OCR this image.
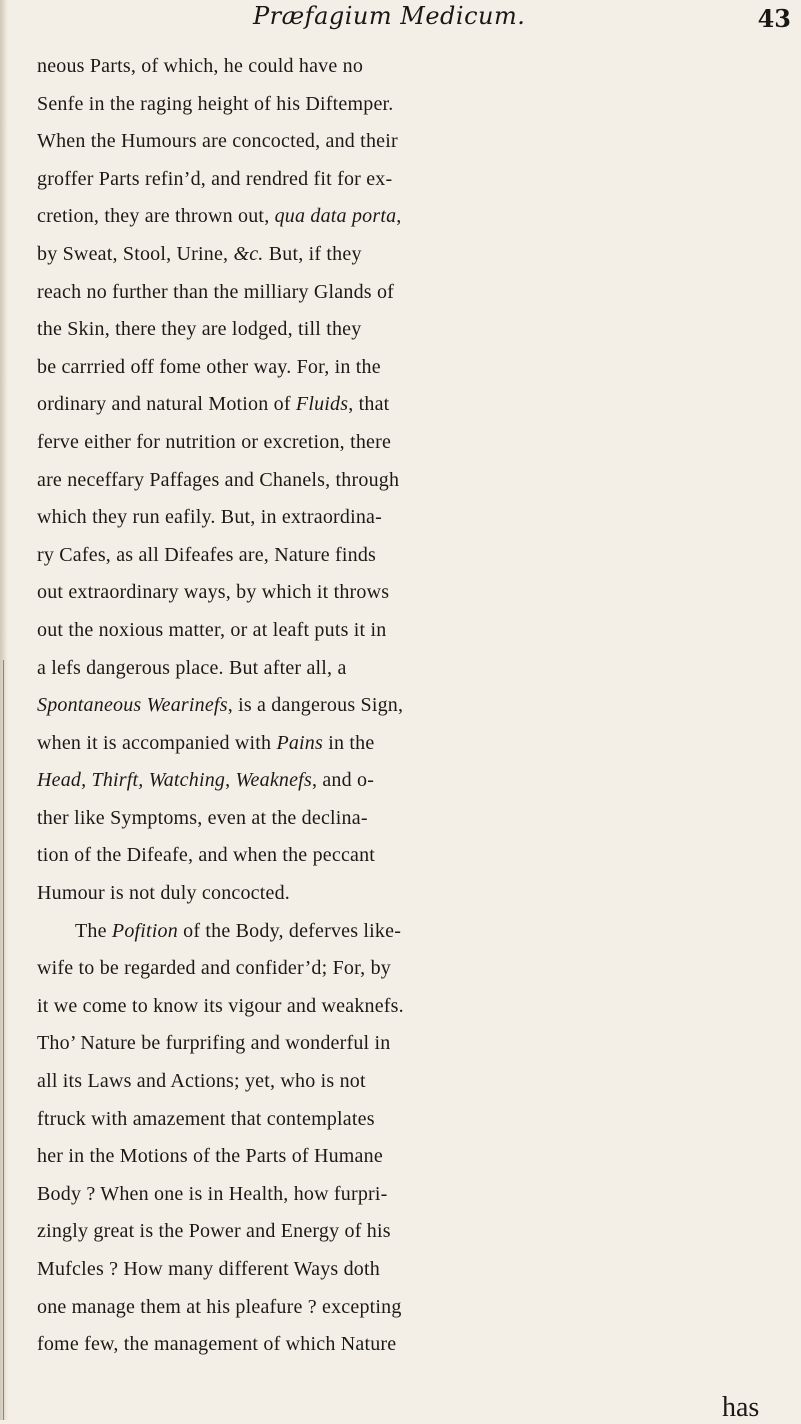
Præfagium Medicum.	43
neous Parts, of which, he could have no
Senfe in the raging height of his Diftemper.
When the Humours are concocted, and their
groffer Parts refin’d, and rendred fit for ex-
cretion, they are thrown out, qua data porta,
by Sweat, Stool, Urine, &c. But, if they
reach no further than the milliary Glands of
the Skin, there they are lodged, till they
be carrried off fome other way. For, in the
ordinary and natural Motion of Fluids, that
ferve either for nutrition or excretion, there
are neceffary Paffages and Chanels, through
which they run eafily. But, in extraordina-
ry Cafes, as all Difeafes are, Nature finds
out extraordinary ways, by which it throws
out the noxious matter, or at leaft puts it in
a lefs dangerous place. But after all, a
Spontaneous Wearinefs, is a dangerous Sign,
when it is accompanied with Pains in the
Head, Thirft, Watching, Weaknefs, and o-
ther like Symptoms, even at the declina-
tion of the Difeafe, and when the peccant
Humour is not duly concocted.
The Pofition of the Body, deferves like-
wife to be regarded and confider’d; For, by
it we come to know its vigour and weaknefs.
Tho’ Nature be furprifing and wonderful in
all its Laws and Actions; yet, who is not
ftruck with amazement that contemplates
her in the Motions of the Parts of Humane
Body ? When one is in Health, how furpri-
zingly great is the Power and Energy of his
Mufcles ? How many different Ways doth
one manage them at his pleafure ? excepting
fome few, the management of which Nature
has
